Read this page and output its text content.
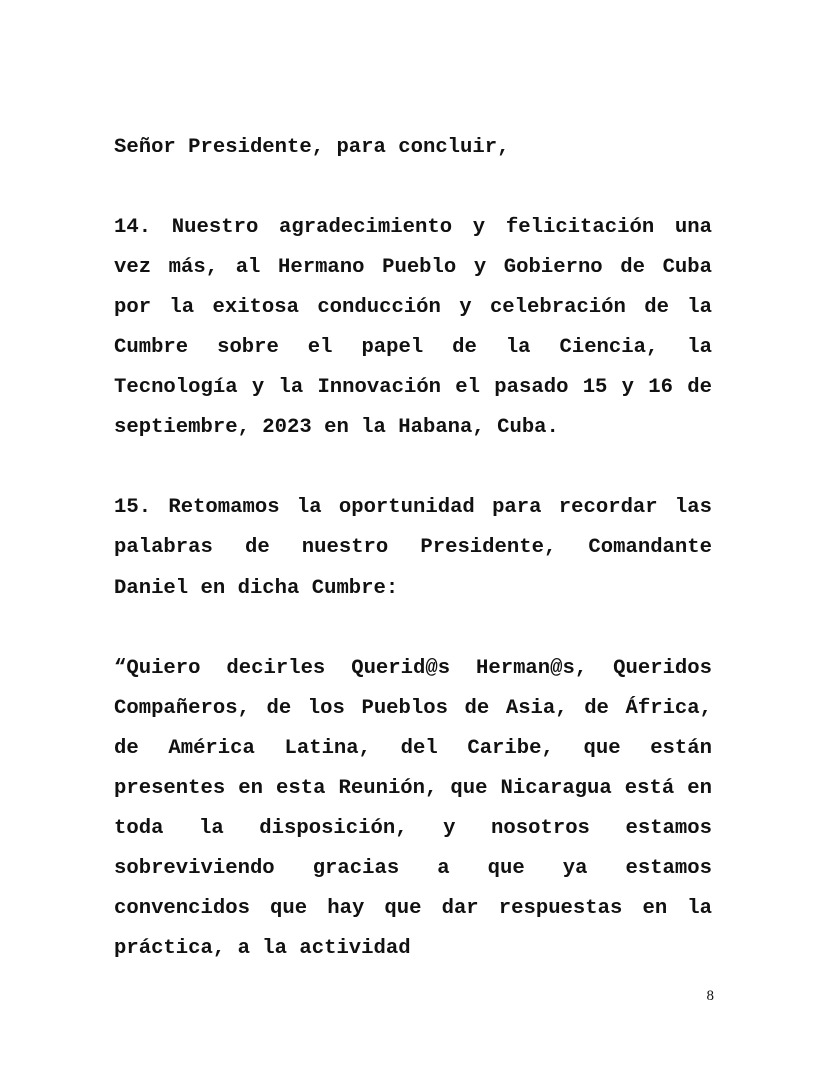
Señor Presidente, para concluir,

14. Nuestro agradecimiento y felicitación una vez más, al Hermano Pueblo y Gobierno de Cuba por la exitosa conducción y celebración de la Cumbre sobre el papel de la Ciencia, la Tecnología y la Innovación el pasado 15 y 16 de septiembre, 2023 en la Habana, Cuba.

15. Retomamos la oportunidad para recordar las palabras de nuestro Presidente, Comandante Daniel en dicha Cumbre:

“Quiero decirles Querid@s Herman@s, Queridos Compañeros, de los Pueblos de Asia, de África, de América Latina, del Caribe, que están presentes en esta Reunión, que Nicaragua está en toda la disposición, y nosotros estamos sobreviviendo gracias a que ya estamos convencidos que hay que dar respuestas en la práctica, a la actividad

8
